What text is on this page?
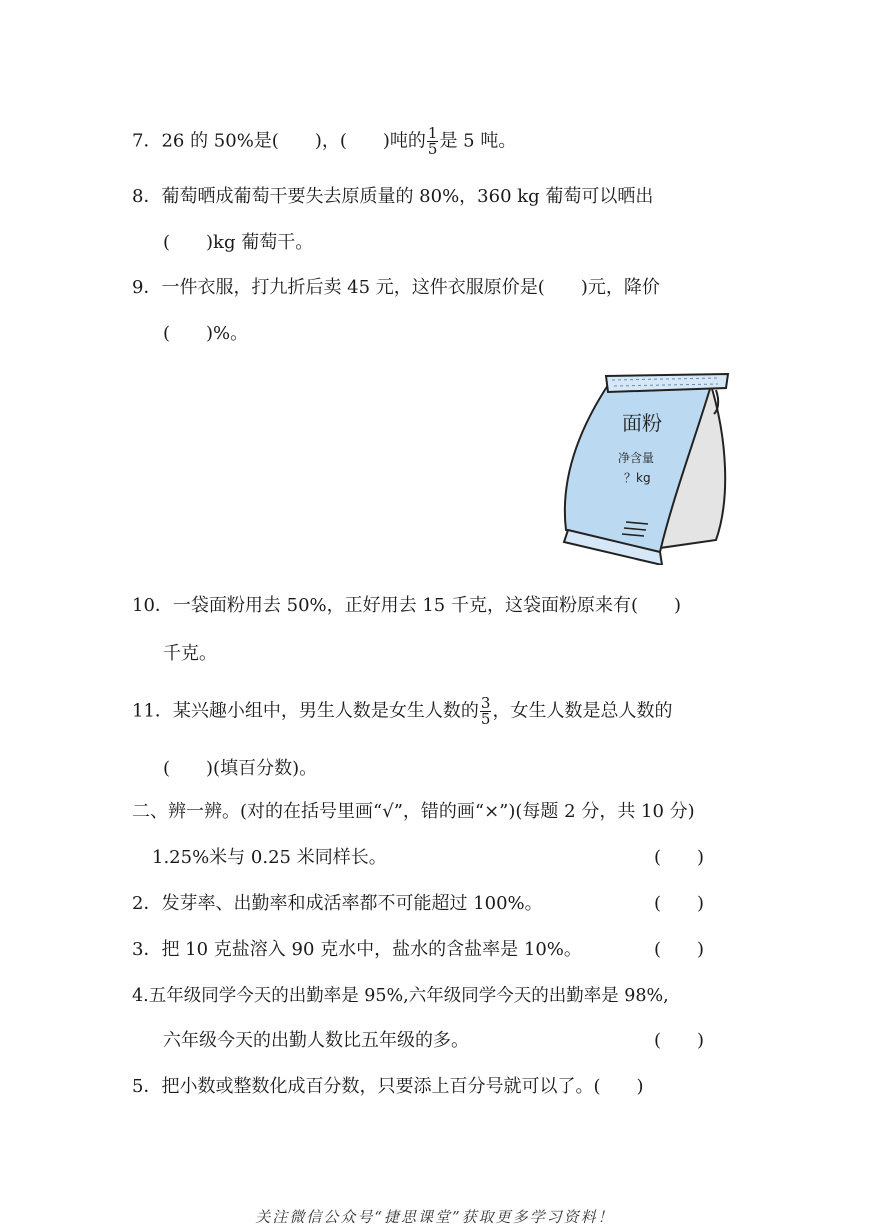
7．26 的 50%是(　　)，(　　)吨的 $\frac{1}{5}$ 是 5 吨。
8．葡萄晒成葡萄干要失去原质量的 80%，360 kg 葡萄可以晒出
(　　)kg 葡萄干。
9．一件衣服，打九折后卖 45 元，这件衣服原价是(　　)元，降价
(　　)%。
面粉
净含量
？kg
10．一袋面粉用去 50%，正好用去 15 千克，这袋面粉原来有(　　)
千克。
11．某兴趣小组中，男生人数是女生人数的 $\frac{3}{5}$ ，女生人数是总人数的
(　　)(填百分数)。
二、辨一辨。(对的在括号里画“√”，错的画“×”)(每题 2 分，共 10 分)
1.25%米与 0.25 米同样长。	(　　)
2．发芽率、出勤率和成活率都不可能超过 100%。	(　　)
3．把 10 克盐溶入 90 克水中，盐水的含盐率是 10%。	(　　)
4.五年级同学今天的出勤率是 95%,六年级同学今天的出勤率是 98%,
六年级今天的出勤人数比五年级的多。	(　　)
5．把小数或整数化成百分数，只要添上百分号就可以了。(　　)
关注微信公众号“捷思课堂”获取更多学习资料！
